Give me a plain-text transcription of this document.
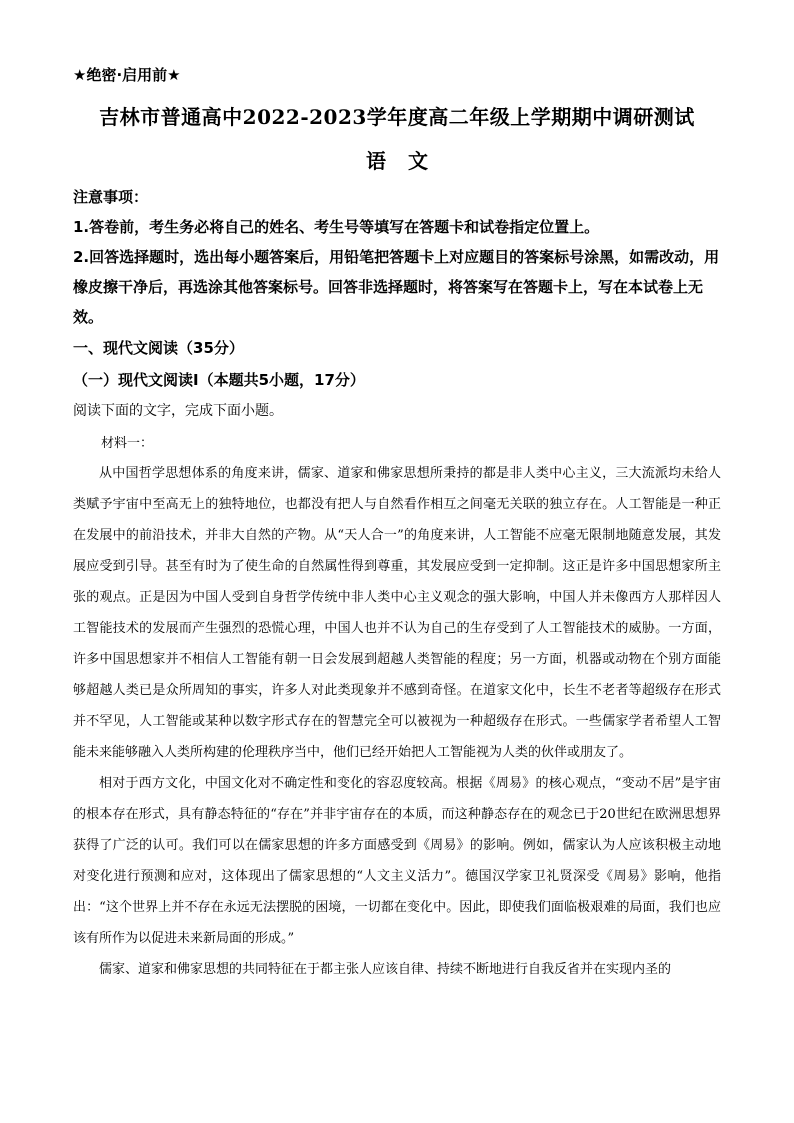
★绝密·启用前★
吉林市普通高中2022-2023学年度高二年级上学期期中调研测试
语文

注意事项：

1.答卷前，考生务必将自己的姓名、考生号等填写在答题卡和试卷指定位置上。

2.回答选择题时，选出每小题答案后，用铅笔把答题卡上对应题目的答案标号涂黑，如需改动，用橡皮擦干净后，再选涂其他答案标号。回答非选择题时，将答案写在答题卡上，写在本试卷上无效。

一、现代文阅读（35分）
（一）现代文阅读Ⅰ（本题共5小题，17分）
阅读下面的文字，完成下面小题。
材料一：

从中国哲学思想体系的角度来讲，儒家、道家和佛家思想所秉持的都是非人类中心主义，三大流派均未给人类赋予宇宙中至高无上的独特地位，也都没有把人与自然看作相互之间毫无关联的独立存在。人工智能是一种正在发展中的前沿技术，并非大自然的产物。从“天人合一”的角度来讲，人工智能不应毫无限制地随意发展，其发展应受到引导。甚至有时为了使生命的自然属性得到尊重，其发展应受到一定抑制。这正是许多中国思想家所主张的观点。正是因为中国人受到自身哲学传统中非人类中心主义观念的强大影响，中国人并未像西方人那样因人工智能技术的发展而产生强烈的恐慌心理，中国人也并不认为自己的生存受到了人工智能技术的威胁。一方面，许多中国思想家并不相信人工智能有朝一日会发展到超越人类智能的程度；另一方面，机器或动物在个别方面能够超越人类已是众所周知的事实，许多人对此类现象并不感到奇怪。在道家文化中，长生不老者等超级存在形式并不罕见，人工智能或某种以数字形式存在的智慧完全可以被视为一种超级存在形式。一些儒家学者希望人工智能未来能够融入人类所构建的伦理秩序当中，他们已经开始把人工智能视为人类的伙伴或朋友了。

相对于西方文化，中国文化对不确定性和变化的容忍度较高。根据《周易》的核心观点，“变动不居”是宇宙的根本存在形式，具有静态特征的“存在”并非宇宙存在的本质，而这种静态存在的观念已于20世纪在欧洲思想界获得了广泛的认可。我们可以在儒家思想的许多方面感受到《周易》的影响。例如，儒家认为人应该积极主动地对变化进行预测和应对，这体现出了儒家思想的“人文主义活力”。德国汉学家卫礼贤深受《周易》影响，他指出：“这个世界上并不存在永远无法摆脱的困境，一切都在变化中。因此，即使我们面临极艰难的局面，我们也应该有所作为以促进未来新局面的形成。”

儒家、道家和佛家思想的共同特征在于都主张人应该自律、持续不断地进行自我反省并在实现内圣的
